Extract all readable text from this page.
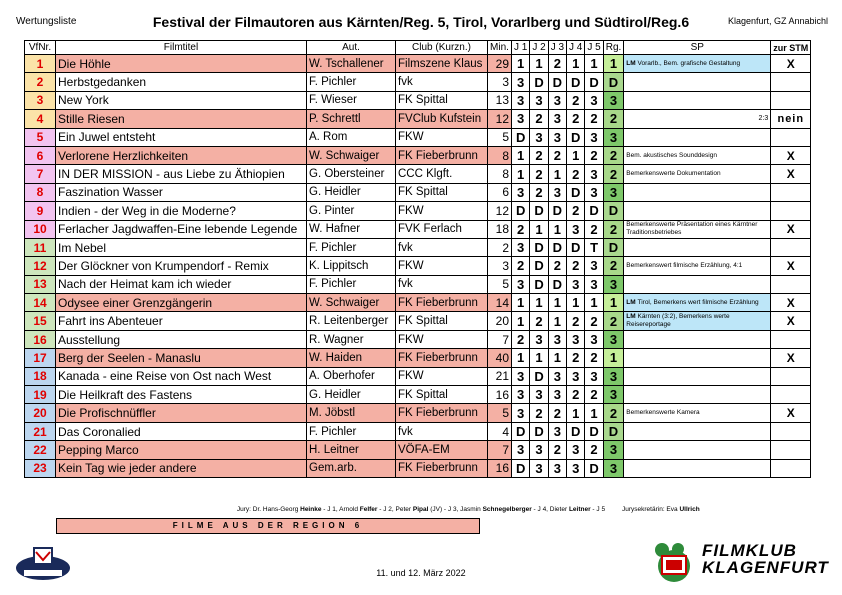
Wertungsliste	Festival der Filmautoren aus Kärnten/Reg. 5, Tirol, Vorarlberg und Südtirol/Reg.6	Klagenfurt, GZ Annabichl
VfNr.	Filmtitel	Aut.	Club (Kurzn.)	Min.	J 1	J 2	J 3	J 4	J 5	Rg.	SP	zur STM
1	Die Höhle	W. Tschallener	Filmszene Klaus	29	1	1	2	1	1	1	LM Vorarlb., Bem. grafische Gestaltung	X
2	Herbstgedanken	F. Pichler	fvk	3	3	D	D	D	D	D		
3	New York	F. Wieser	FK Spittal	13	3	3	3	2	3	3		
4	Stille Riesen	P. Schrettl	FVClub Kufstein	12	3	2	3	2	2	2	2:3	nein
5	Ein Juwel entsteht	A. Rom	FKW	5	D	3	3	D	3	3		
6	Verlorene Herzlichkeiten	W. Schwaiger	FK Fieberbrunn	8	1	2	2	1	2	2	Bem. akustisches Sounddesign	X
7	IN DER MISSION - aus Liebe zu Äthiopien	G. Obersteiner	CCC Klgft.	8	1	2	1	2	3	2	Bemerkenswerte Dokumentation	X
8	Faszination Wasser	G. Heidler	FK Spittal	6	3	2	3	D	3	3		
9	Indien - der Weg in die Moderne?	G. Pinter	FKW	12	D	D	D	2	D	D		
10	Ferlacher Jagdwaffen-Eine lebende Legende	W. Hafner	FVK Ferlach	18	2	1	1	3	2	2	Bemerkenswerte Präsentation eines Kärntner Traditionsbetriebes	X
11	Im Nebel	F. Pichler	fvk	2	3	D	D	D	T	D		
12	Der Glöckner von Krumpendorf - Remix	K. Lippitsch	FKW	3	2	D	2	2	3	2	Bemerkenswert filmische Erzählung, 4:1	X
13	Nach der Heimat kam ich wieder	F. Pichler	fvk	5	3	D	D	3	3	3		
14	Odysee einer Grenzgängerin	W. Schwaiger	FK Fieberbrunn	14	1	1	1	1	1	1	LM Tirol, Bemerkens wert filmische Erzählung	X
15	Fahrt ins Abenteuer	R. Leitenberger	FK Spittal	20	1	2	1	2	2	2	LM Kärnten (3:2), Bemerkens werte Reisereportage	X
16	Ausstellung	R. Wagner	FKW	7	2	3	3	3	3	3		
17	Berg der Seelen - Manaslu	W. Haiden	FK Fieberbrunn	40	1	1	1	2	2	1		X
18	Kanada - eine Reise von Ost nach West	A. Oberhofer	FKW	21	3	D	3	3	3	3		
19	Die Heilkraft des Fastens	G. Heidler	FK Spittal	16	3	3	3	2	2	3		
20	Die Profischnüffler	M. Jöbstl	FK Fieberbrunn	5	3	2	2	1	1	2	Bemerkenswerte Kamera	X
21	Das Coronalied	F. Pichler	fvk	4	D	D	3	D	D	D		
22	Pepping Marco	H. Leitner	VÖFA-EM	7	3	3	2	3	2	3		
23	Kein Tag wie jeder andere	Gem.arb.	FK Fieberbrunn	16	D	3	3	3	D	3		
Jury: Dr. Hans-Georg Heinke - J 1, Arnold Felfer - J 2, Peter Pipal (JV) - J 3, Jasmin Schnegelberger - J 4, Dieter Leitner - J 5	Jurysekretärin: Eva Ullrich
FILME AUS DER REGION 6
11. und 12. März 2022
FILMKLUB
KLAGENFURT
